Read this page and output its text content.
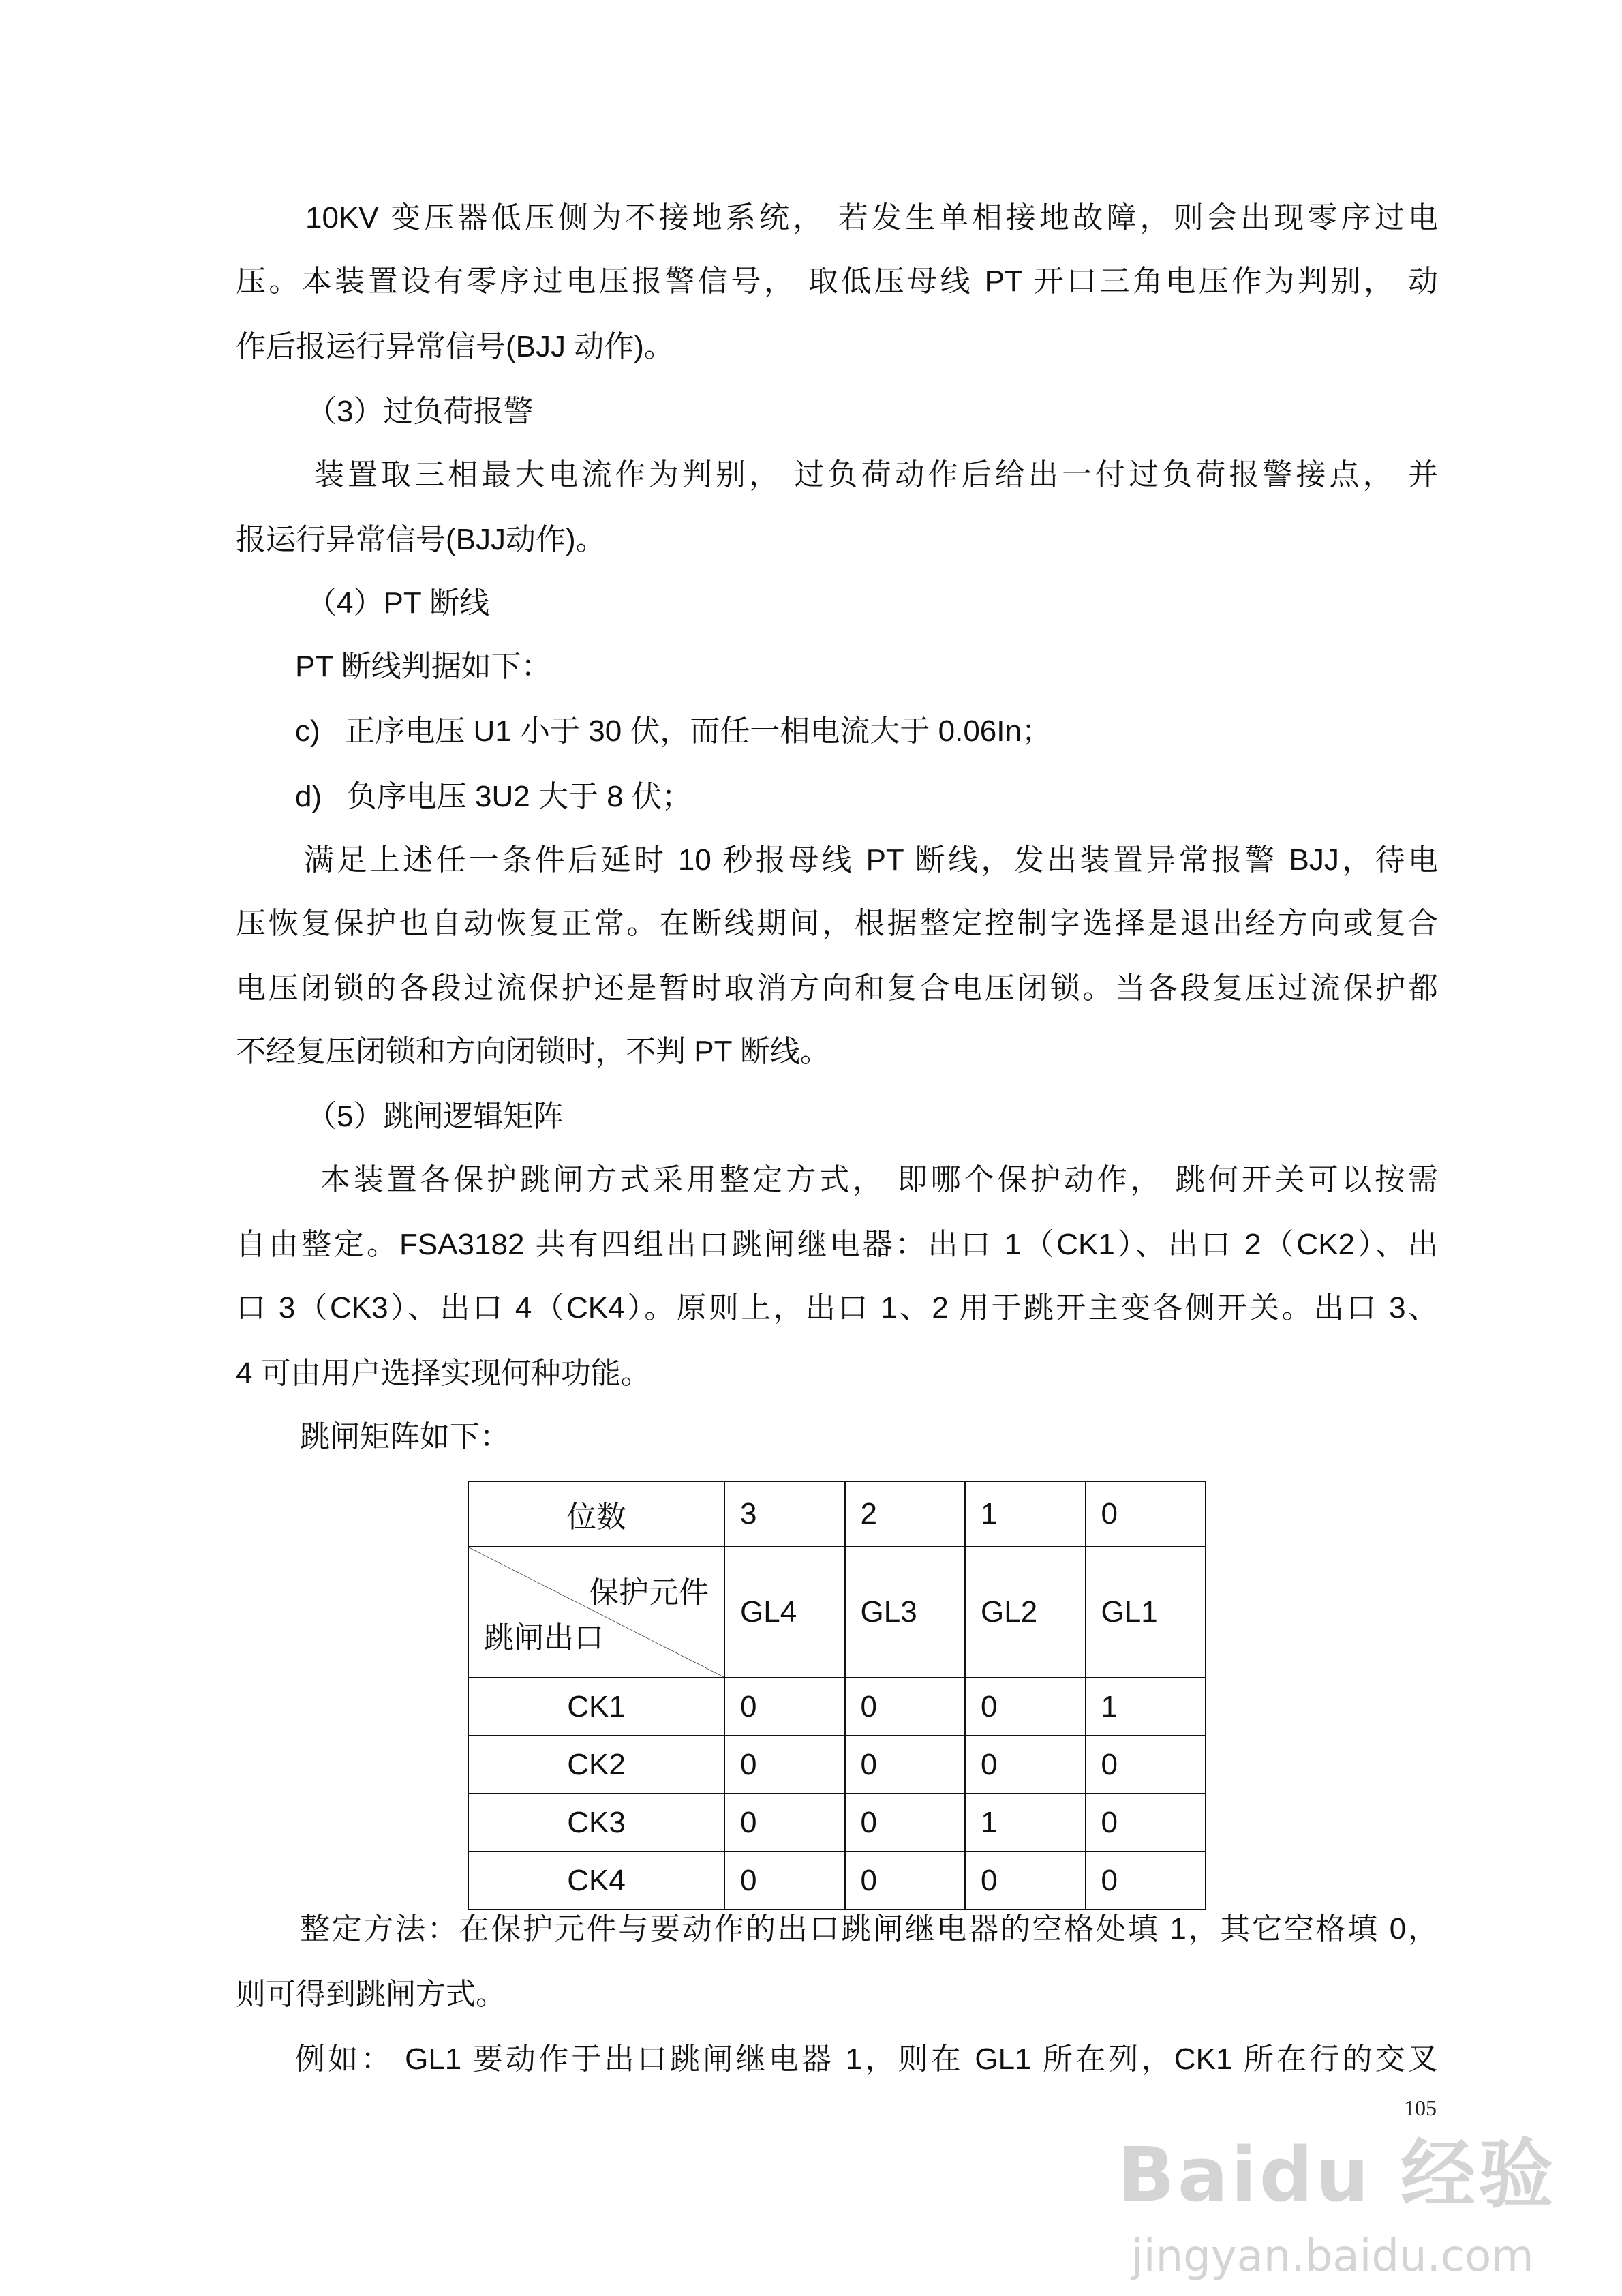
10KV 变压器低压侧为不接地系统， 若发生单相接地故障，则会出现零序过电
压。本装置设有零序过电压报警信号， 取低压母线 PT 开口三角电压作为判别， 动
作后报运行异常信号(BJJ 动作)。
（3）过负荷报警
装置取三相最大电流作为判别， 过负荷动作后给出一付过负荷报警接点， 并
报运行异常信号(BJJ动作)。
（4）PT 断线
PT 断线判据如下：
c)   正序电压 U1 小于 30 伏，而任一相电流大于 0.06In；
d)   负序电压 3U2 大于 8 伏；
满足上述任一条件后延时 10 秒报母线 PT 断线，发出装置异常报警 BJJ，待电
压恢复保护也自动恢复正常。在断线期间，根据整定控制字选择是退出经方向或复合
电压闭锁的各段过流保护还是暂时取消方向和复合电压闭锁。当各段复压过流保护都
不经复压闭锁和方向闭锁时，不判 PT 断线。
（5）跳闸逻辑矩阵
本装置各保护跳闸方式采用整定方式， 即哪个保护动作， 跳何开关可以按需
自由整定。FSA3182 共有四组出口跳闸继电器：出口 1（CK1）、出口 2（CK2）、出
口 3（CK3）、出口 4（CK4）。原则上，出口 1、2 用于跳开主变各侧开关。出口 3、
4 可由用户选择实现何种功能。
跳闸矩阵如下：
位数	3	2	1	0

保护元件
跳闸出口	GL4	GL3	GL2	GL1
CK1	0	0	0	1
CK2	0	0	0	0
CK3	0	0	1	0
CK4	0	0	0	0
整定方法：在保护元件与要动作的出口跳闸继电器的空格处填 1，其它空格填 0，
则可得到跳闸方式。
例如： GL1 要动作于出口跳闸继电器 1，则在 GL1 所在列，CK1 所在行的交叉
105
Baidu 经验
jingyan.baidu.com
